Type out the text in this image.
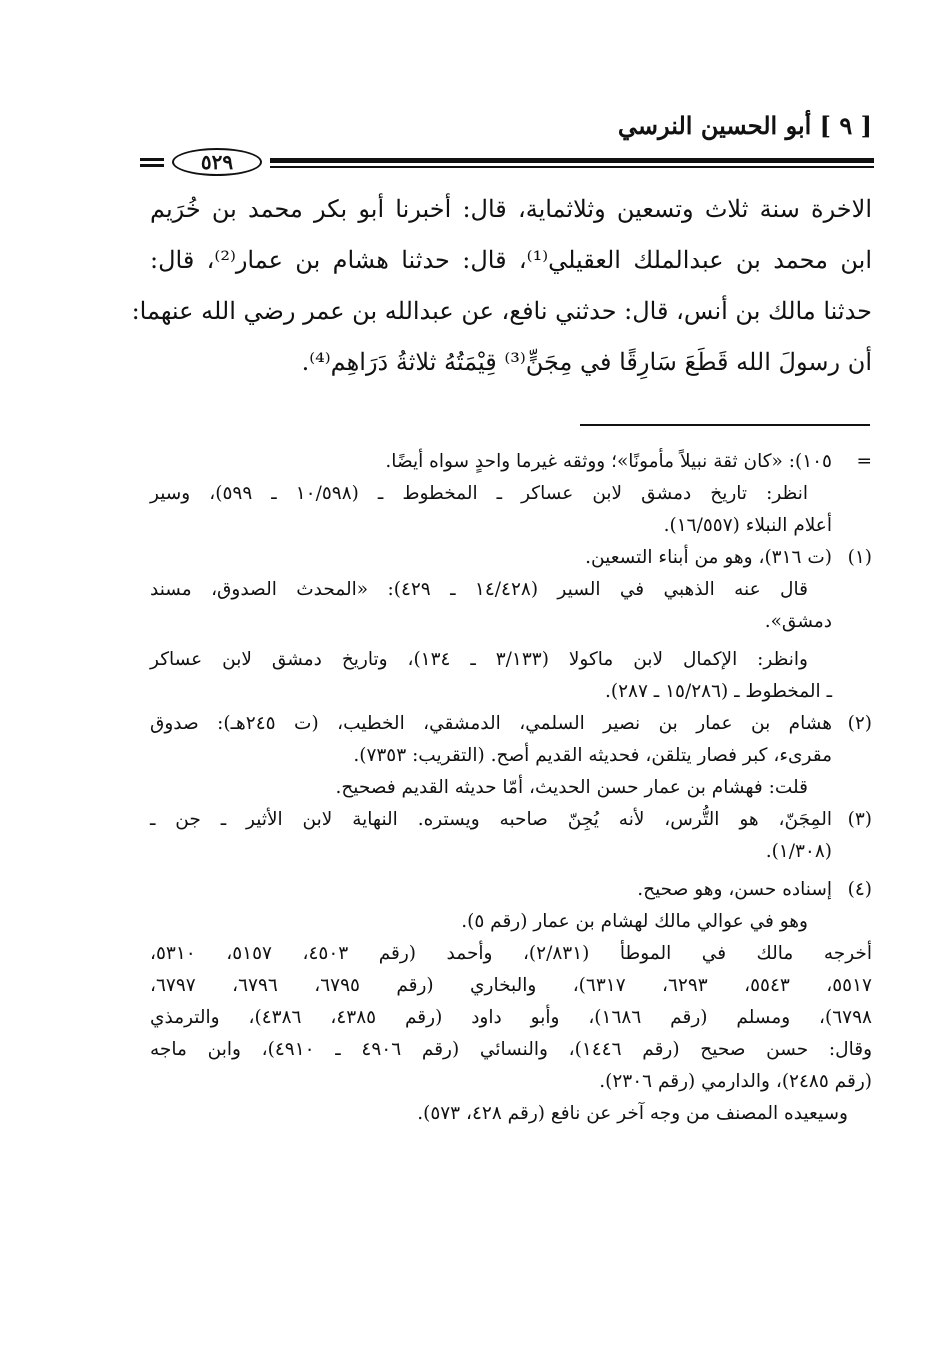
[ ٩ ] أبو الحسين النرسي
٥٢٩
الاخرة سنة ثلاث وتسعين وثلاثماية، قال: أخبرنا أبو بكر محمد بن خُرَيم
ابن محمد بن عبدالملك العقيلي⁽¹⁾، قال: حدثنا هشام بن عمار⁽²⁾، قال:
حدثنا مالك بن أنس، قال: حدثني نافع، عن عبدالله بن عمر رضي الله عنهما:
أن رسولَ الله قَطَعَ سَارِقًا في مِجَنٍّ⁽³⁾ قِيْمَتُهُ ثلاثةُ دَرَاهِم⁽⁴⁾.
=
١٠٥): «كان ثقة نبيلاً مأمونًا»؛ ووثقه غيرما واحدٍ سواه أيضًا.
انظر: تاريخ دمشق لابن عساكر ـ المخطوط ـ (١٠/٥٩٨ ـ ٥٩٩)، وسير
أعلام النبلاء (١٦/٥٥٧).
(١)
(ت ٣١٦)، وهو من أبناء التسعين.
قال عنه الذهبي في السير (١٤/٤٢٨ ـ ٤٢٩): «المحدث الصدوق، مسند
دمشق».
وانظر: الإكمال لابن ماكولا (٣/١٣٣ ـ ١٣٤)، وتاريخ دمشق لابن عساكر
ـ المخطوط ـ (١٥/٢٨٦ ـ ٢٨٧).
(٢)
هشام بن عمار بن نصير السلمي، الدمشقي، الخطيب، (ت ٢٤٥هـ): صدوق
مقرىء، كبر فصار يتلقن، فحديثه القديم أصح. (التقريب: ٧٣٥٣).
قلت: فهشام بن عمار حسن الحديث، أمّا حديثه القديم فصحيح.
(٣)
المِجَنّ، هو التُّرس، لأنه يُجِنّ صاحبه ويستره. النهاية لابن الأثير ـ جن ـ
(١/٣٠٨).
(٤)
إسناده حسن، وهو صحيح.
وهو في عوالي مالك لهشام بن عمار (رقم ٥).
أخرجه مالك في الموطأ (٢/٨٣١)، وأحمد (رقم ٤٥٠٣، ٥١٥٧، ٥٣١٠،
٥٥١٧، ٥٥٤٣، ٦٢٩٣، ٦٣١٧)، والبخاري (رقم ٦٧٩٥، ٦٧٩٦، ٦٧٩٧،
٦٧٩٨)، ومسلم (رقم ١٦٨٦)، وأبو داود (رقم ٤٣٨٥، ٤٣٨٦)، والترمذي
وقال: حسن صحيح (رقم ١٤٤٦)، والنسائي (رقم ٤٩٠٦ ـ ٤٩١٠)، وابن ماجه
(رقم ٢٤٨٥)، والدارمي (رقم ٢٣٠٦).
وسيعيده المصنف من وجه آخر عن نافع (رقم ٤٢٨، ٥٧٣).
